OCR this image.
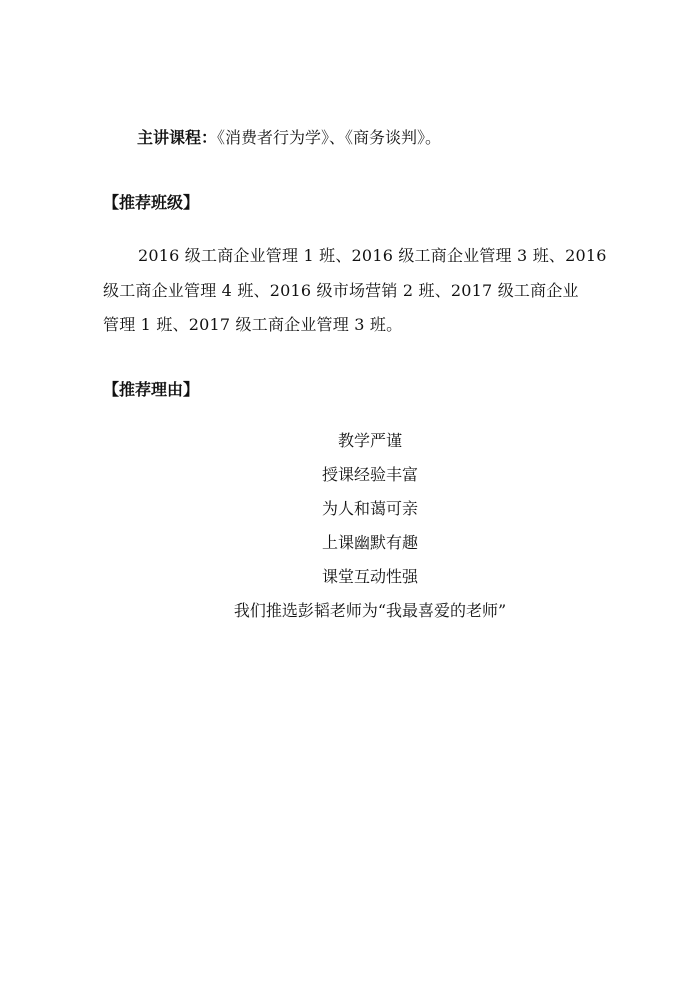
主讲课程：《消费者行为学》、《商务谈判》。
【推荐班级】
2016 级工商企业管理 1 班、2016 级工商企业管理 3 班、2016
级工商企业管理 4 班、2016 级市场营销 2 班、2017 级工商企业
管理 1 班、2017 级工商企业管理 3 班。
【推荐理由】
教学严谨
授课经验丰富
为人和蔼可亲
上课幽默有趣
课堂互动性强
我们推选彭韬老师为“我最喜爱的老师”
